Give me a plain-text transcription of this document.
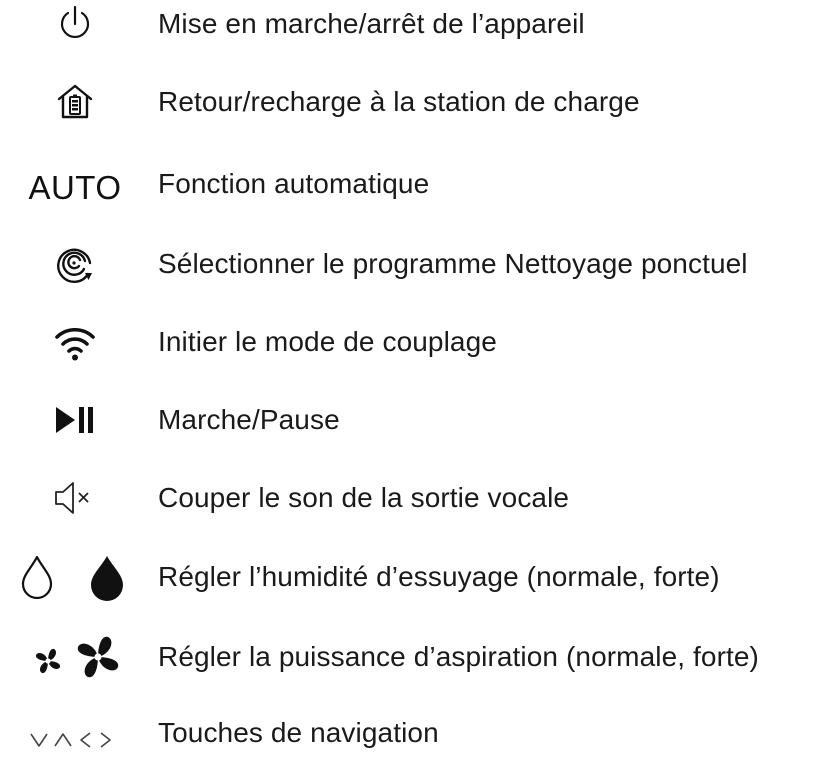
Mise en marche/arrêt de l’appareil
Retour/recharge à la station de charge
AUTO Fonction automatique
Sélectionner le programme Nettoyage ponctuel
Initier le mode de couplage
Marche/Pause
Couper le son de la sortie vocale
Régler l’humidité d’essuyage (normale, forte)
Régler la puissance d’aspiration (normale, forte)
Touches de navigation
